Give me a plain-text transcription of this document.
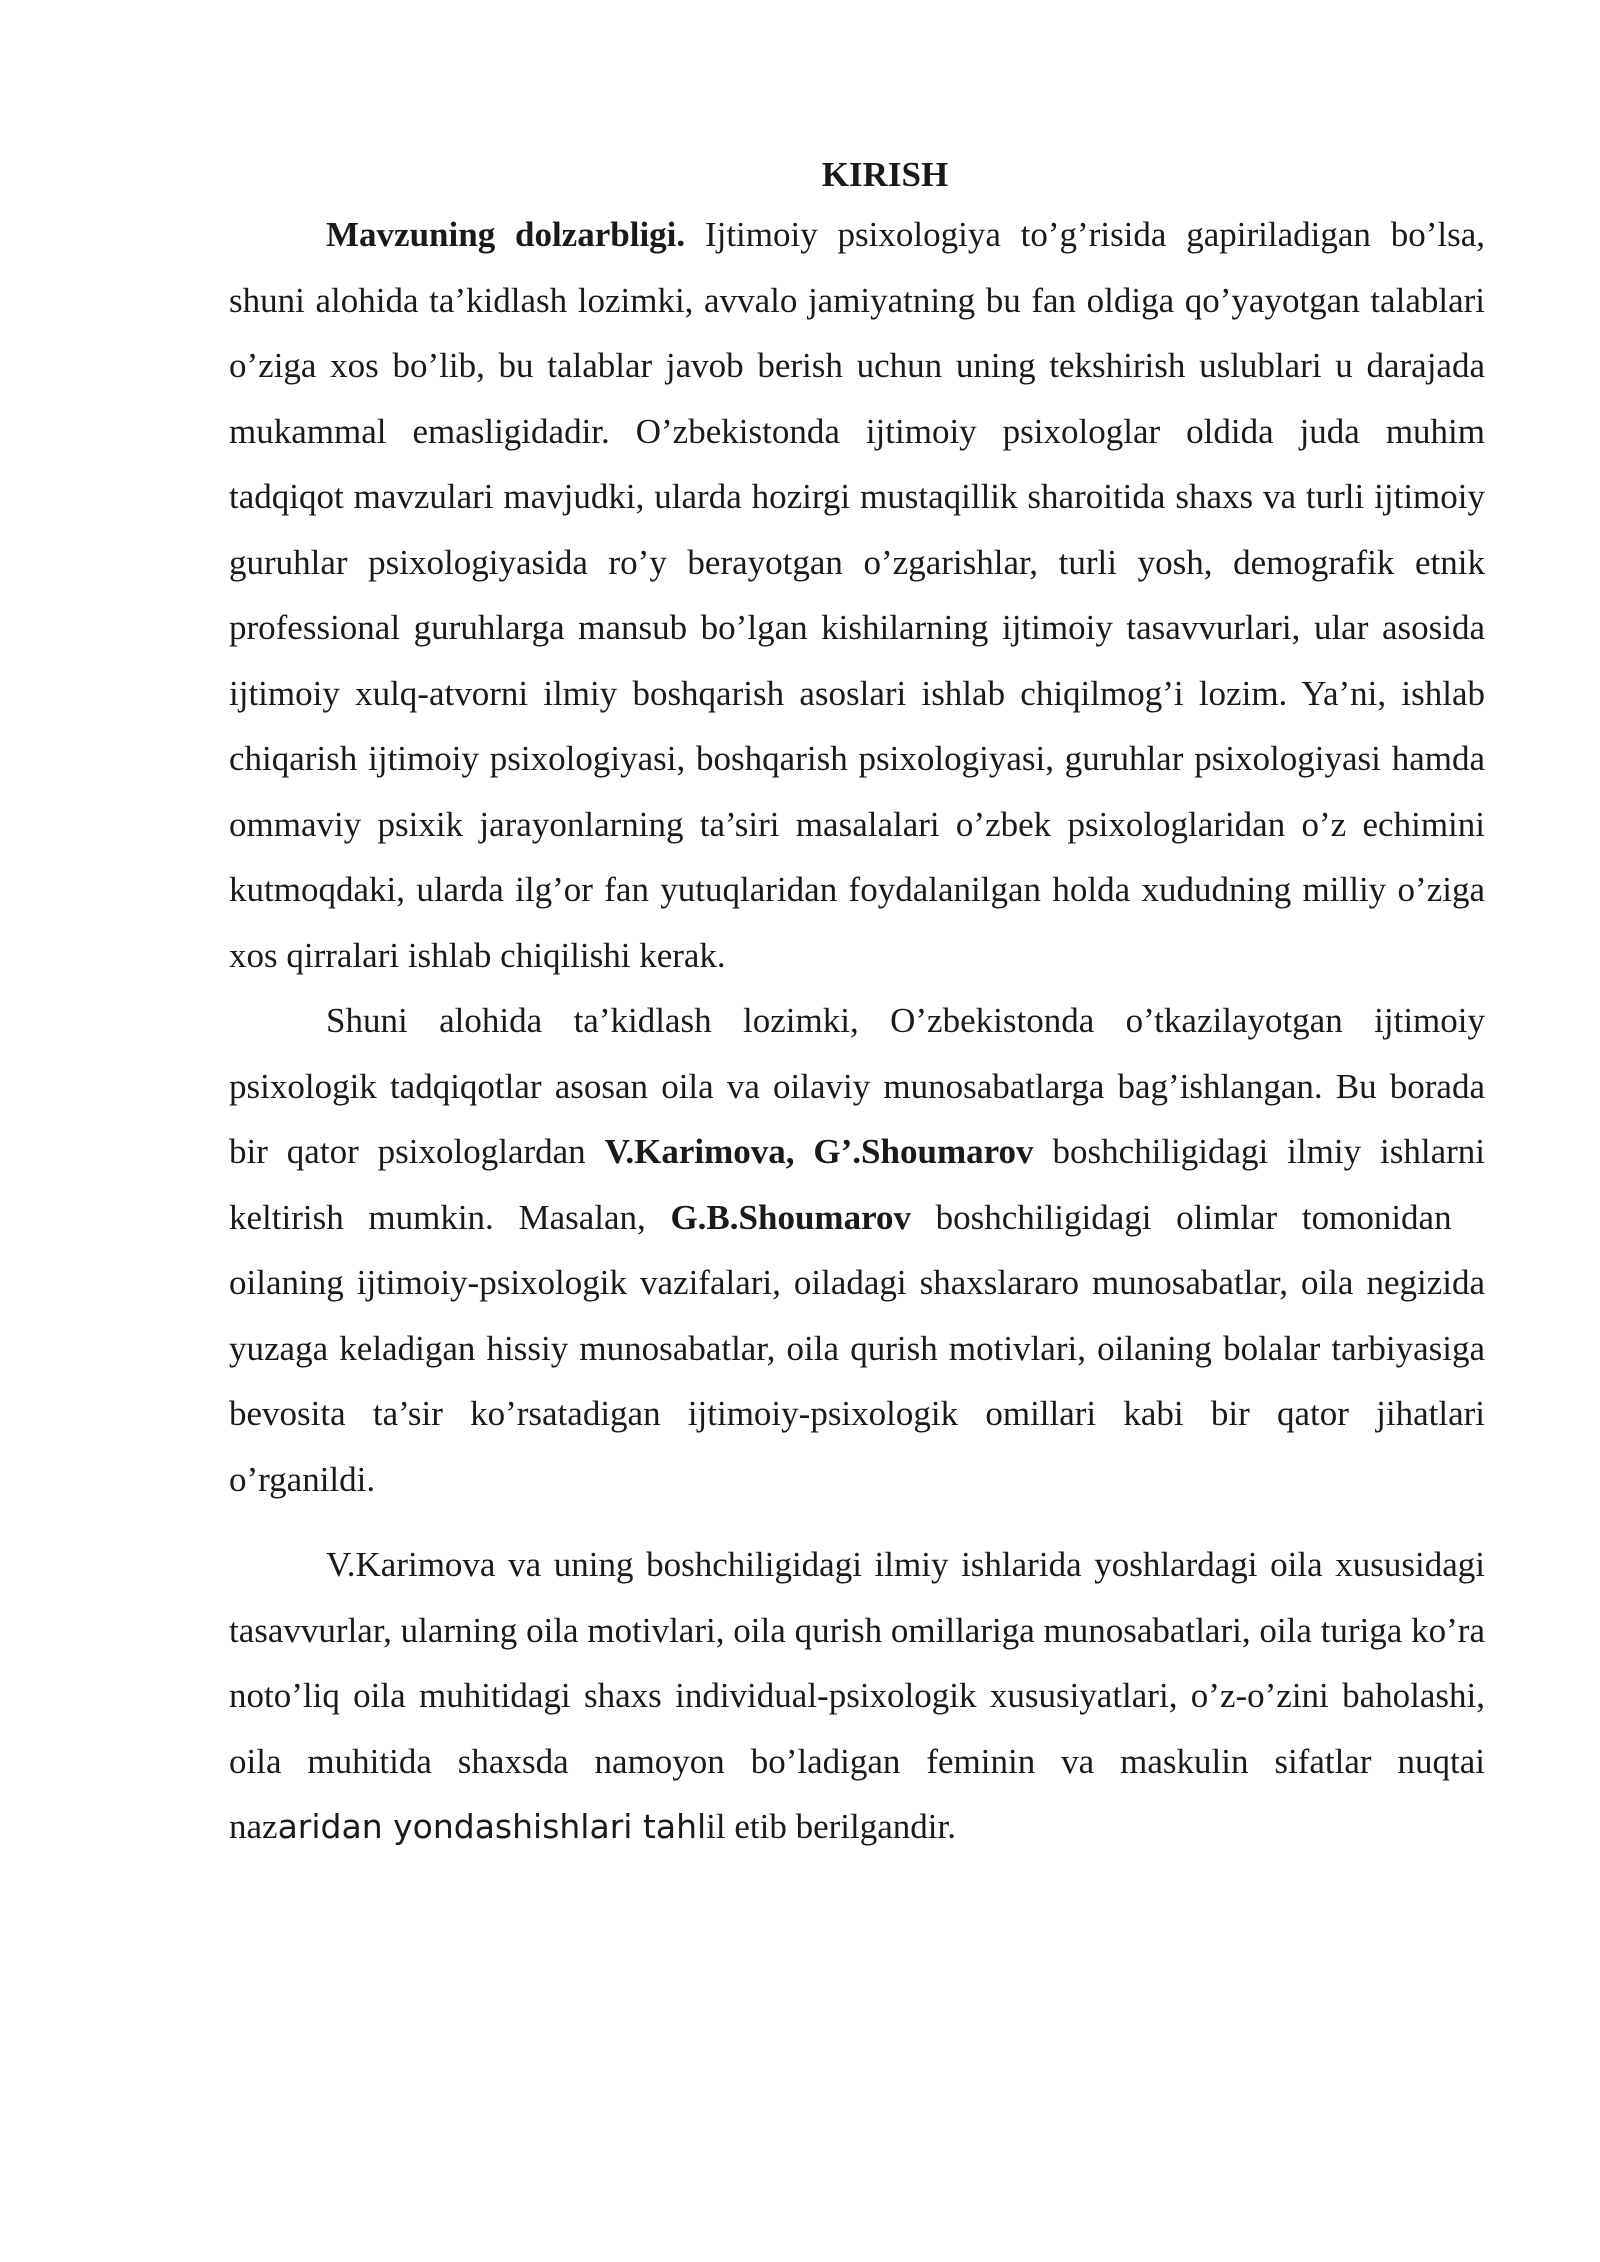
KIRISH

Mavzuning dolzarbligi. Ijtimoiy psixologiya to’g’risida gapiriladigan bo’lsa, shuni alohida ta’kidlash lozimki, avvalo jamiyatning bu fan oldiga qo’yayotgan talablari o’ziga xos bo’lib, bu talablar javob berish uchun uning tekshirish uslublari u darajada mukammal emasligidadir. O’zbekistonda ijtimoiy psixologlar oldida juda muhim tadqiqot mavzulari mavjudki, ularda hozirgi mustaqillik sharoitida shaxs va turli ijtimoiy guruhlar psixologiyasida ro’y berayotgan o’zgarishlar, turli yosh, demografik etnik professional guruhlarga mansub bo’lgan kishilarning ijtimoiy tasavvurlari, ular asosida ijtimoiy xulq-atvorni ilmiy boshqarish asoslari ishlab chiqilmog’i lozim. Ya’ni, ishlab chiqarish ijtimoiy psixologiyasi, boshqarish psixologiyasi, guruhlar psixologiyasi hamda ommaviy psixik jarayonlarning ta’siri masalalari o’zbek psixologlaridan o’z echimini kutmoqdaki, ularda ilg’or fan yutuqlaridan foydalanilgan holda xududning milliy o’ziga xos qirralari ishlab chiqilishi kerak.

Shuni alohida ta’kidlash lozimki, O’zbekistonda o’tkazilayotgan ijtimoiy psixologik tadqiqotlar asosan oila va oilaviy munosabatlarga bag’ishlangan. Bu borada bir qator psixologlardan V.Karimova, G’.Shoumarov boshchiligidagi ilmiy ishlarni keltirish mumkin. Masalan, G.B.Shoumarov boshchiligidagi olimlar tomonidan   oilaning ijtimoiy-psixologik vazifalari, oiladagi shaxslararo munosabatlar, oila negizida yuzaga keladigan hissiy munosabatlar, oila qurish motivlari, oilaning bolalar tarbiyasiga bevosita ta’sir ko’rsatadigan ijtimoiy-psixologik omillari kabi bir qator jihatlari o’rganildi.

V.Karimova va uning boshchiligidagi ilmiy ishlarida yoshlardagi oila xususidagi tasavvurlar, ularning oila motivlari, oila qurish omillariga munosabatlari, oila turiga ko’ra noto’liq oila muhitidagi shaxs individual-psixologik xususiyatlari, o’z-o’zini baholashi, oila muhitida shaxsda namoyon bo’ladigan feminin va maskulin sifatlar nuqtai nazaridan yondashishlari tahlil etib berilgandir.
